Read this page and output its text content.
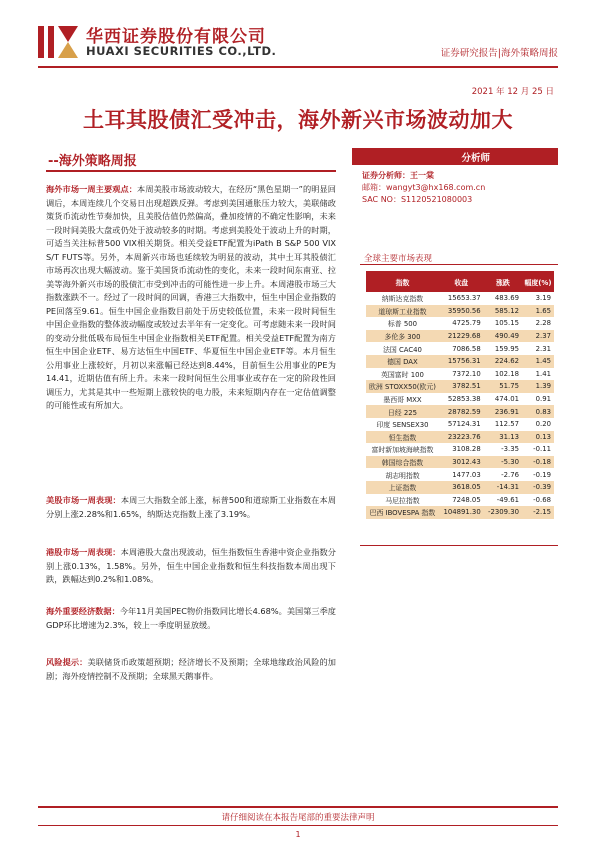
华西证券股份有限公司
HUAXI SECURITIES CO.,LTD.	证券研究报告|海外策略周报
2021 年 12 月 25 日
土耳其股债汇受冲击，海外新兴市场波动加大
--海外策略周报	分析师
证券分析师：王一棠
邮箱：wangyt3@hx168.com.cn
SAC NO：S1120521080003
海外市场一周主要观点：本周美股市场波动较大，在经历“黑色星期一”的明显回调后，本周连续几个交易日出现超跌反弹。考虑到美国通胀压力较大，美联储政策货币流动性节奏加快，且美股估值仍然偏高，叠加疫情的不确定性影响，未来一段时间美股大盘或仍处于波动较多的时期。考虑到美股处于波动上升的时期，可适当关注标普500 VIX相关期货。相关受益ETF配置为iPath B S&P 500 VIX S/T FUTS等。另外，本周新兴市场也延续较为明显的波动，其中土耳其股债汇市场再次出现大幅波动。鉴于美国货币流动性的变化，未来一段时间东南亚、拉美等海外新兴市场的股债汇市受到冲击的可能性进一步上升。本周港股市场三大指数涨跌不一。经过了一段时间的回调，香港三大指数中，恒生中国企业指数的PE回落至9.61。恒生中国企业指数目前处于历史较低位置，未来一段时间恒生中国企业指数的整体波动幅度或较过去半年有一定变化。可考虑随未来一段时间的变动分批低吸布局恒生中国企业指数相关ETF配置。相关受益ETF配置为南方恒生中国企业ETF、易方达恒生中国ETF、华夏恒生中国企业ETF等。本月恒生公用事业上涨较好，月初以来涨幅已经达到8.44%，目前恒生公用事业的PE为14.41，近期估值有所上升。未来一段时间恒生公用事业或存在一定的阶段性回调压力，尤其是其中一些短期上涨较快的电力股，未来短期内存在一定估值调整的可能性或有所加大。
美股市场一周表现：本周三大指数全部上涨，标普500和道琼斯工业指数在本周分别上涨2.28%和1.65%，纳斯达克指数上涨了3.19%。
港股市场一周表现：本周港股大盘出现波动，恒生指数恒生香港中资企业指数分别上涨0.13%，1.58%。另外，恒生中国企业指数和恒生科技指数本周出现下跌，跌幅达到0.2%和1.08%。
海外重要经济数据：今年11月美国PEC物价指数同比增长4.68%。美国第三季度GDP环比增速为2.3%，较上一季度明显放缓。
风险提示：美联储货币政策超预期；经济增长不及预期；全球地缘政治风险的加剧；海外疫情控制不及预期；全球黑天鹅事件。
全球主要市场表现
指数	收盘	涨跌	幅度(%)
纳斯达克指数	15653.37	483.69	3.19
道琼斯工业指数	35950.56	585.12	1.65
标普 500	4725.79	105.15	2.28
多伦多 300	21229.68	490.49	2.37
法国 CAC40	7086.58	159.95	2.31
德国 DAX	15756.31	224.62	1.45
英国富时 100	7372.10	102.18	1.41
欧洲 STOXX50(欧元)	3782.51	51.75	1.39
墨西哥 MXX	52853.38	474.01	0.91
日经 225	28782.59	236.91	0.83
印度 SENSEX30	57124.31	112.57	0.20
恒生指数	23223.76	31.13	0.13
富时新加坡海峡指数	3108.28	-3.35	-0.11
韩国综合指数	3012.43	-5.30	-0.18
胡志明指数	1477.03	-2.76	-0.19
上证指数	3618.05	-14.31	-0.39
马尼拉指数	7248.05	-49.61	-0.68
巴西 IBOVESPA 指数	104891.30	-2309.30	-2.15
请仔细阅读在本报告尾部的重要法律声明
1
